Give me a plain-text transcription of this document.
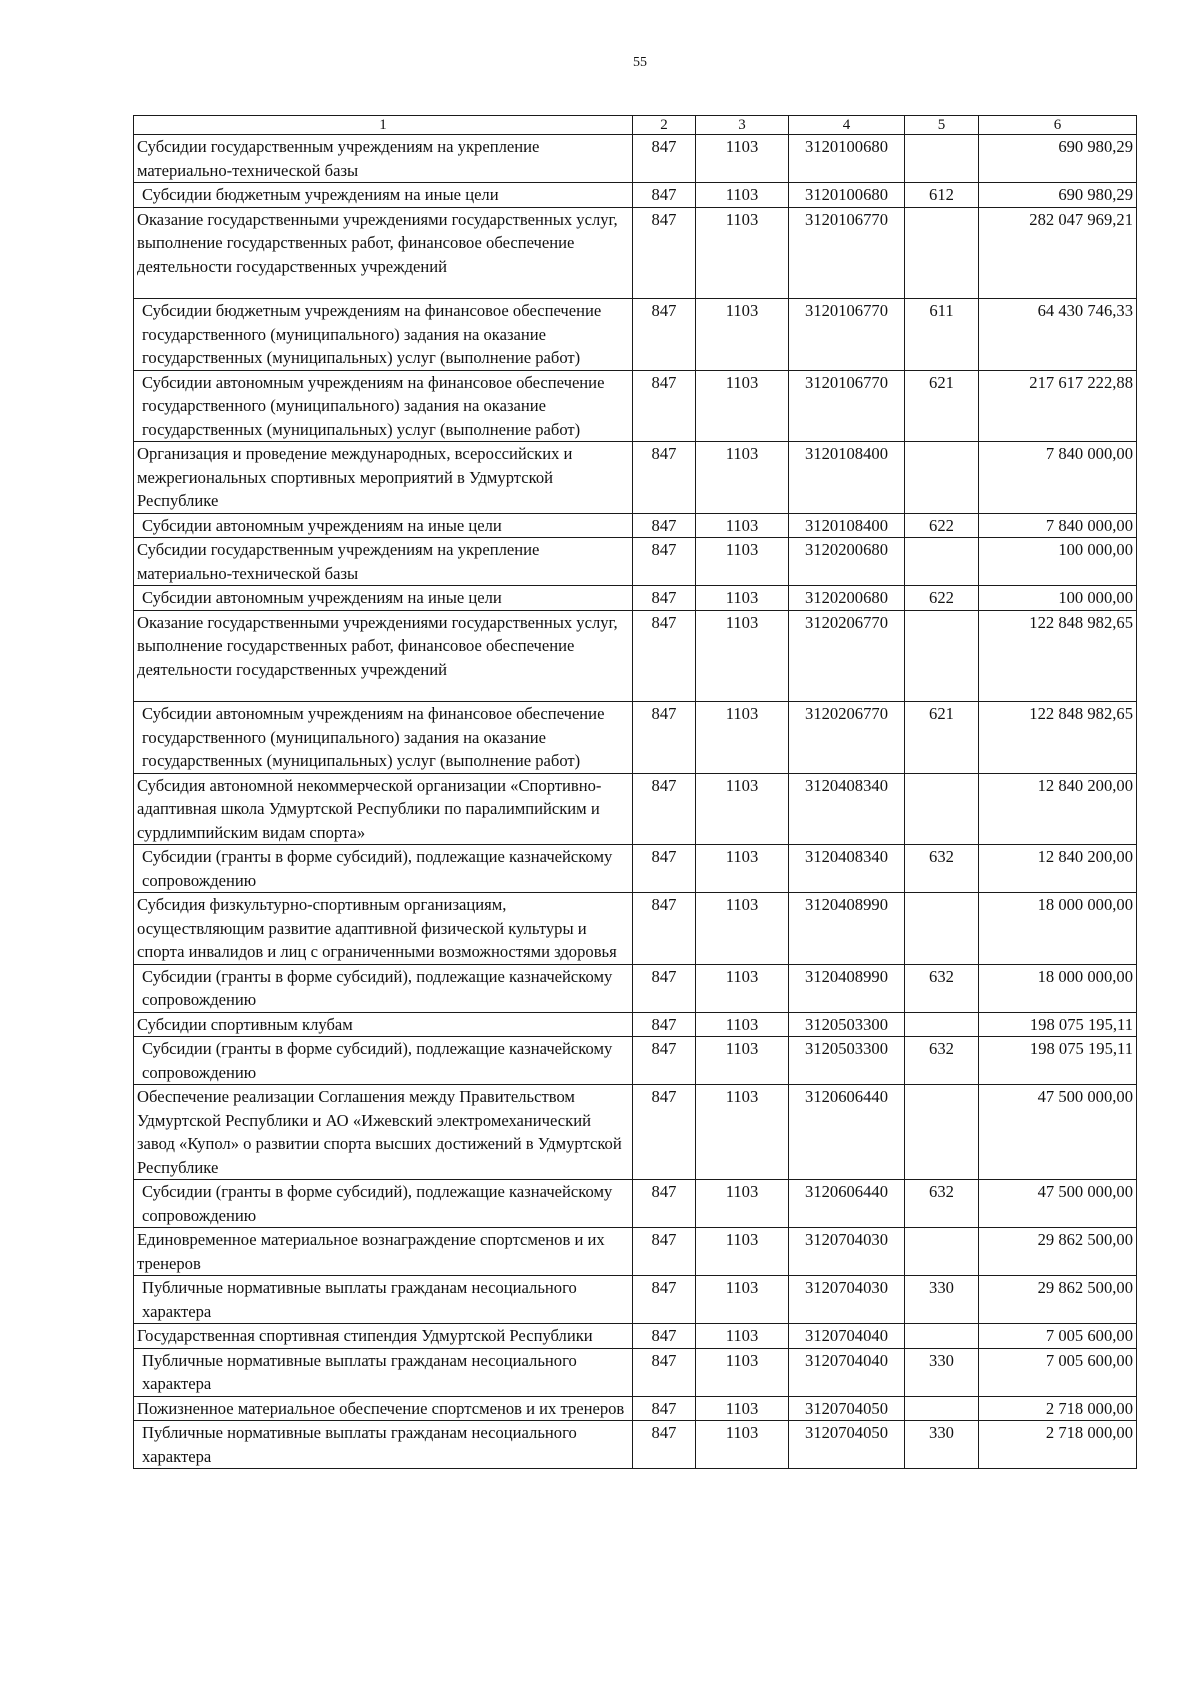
55
1	2	3	4	5	6
Субсидии государственным учреждениям на укрепление материально-технической базы	847	1103	3120100680		690 980,29
Субсидии бюджетным учреждениям на иные цели	847	1103	3120100680	612	690 980,29
Оказание государственными учреждениями государственных услуг, выполнение государственных работ, финансовое обеспечение деятельности государственных учреждений	847	1103	3120106770		282 047 969,21
Субсидии бюджетным учреждениям на финансовое обеспечение государственного (муниципального) задания на оказание государственных (муниципальных) услуг (выполнение работ)	847	1103	3120106770	611	64 430 746,33
Субсидии автономным учреждениям на финансовое обеспечение государственного (муниципального) задания на оказание государственных (муниципальных) услуг (выполнение работ)	847	1103	3120106770	621	217 617 222,88
Организация и проведение международных, всероссийских и межрегиональных спортивных мероприятий в Удмуртской Республике	847	1103	3120108400		7 840 000,00
Субсидии автономным учреждениям на иные цели	847	1103	3120108400	622	7 840 000,00
Субсидии государственным учреждениям на укрепление материально-технической базы	847	1103	3120200680		100 000,00
Субсидии автономным учреждениям на иные цели	847	1103	3120200680	622	100 000,00
Оказание государственными учреждениями государственных услуг, выполнение государственных работ, финансовое обеспечение деятельности государственных учреждений	847	1103	3120206770		122 848 982,65
Субсидии автономным учреждениям на финансовое обеспечение государственного (муниципального) задания на оказание государственных (муниципальных) услуг (выполнение работ)	847	1103	3120206770	621	122 848 982,65
Субсидия автономной некоммерческой организации «Спортивно-адаптивная школа Удмуртской Республики по паралимпийским и сурдлимпийским видам спорта»	847	1103	3120408340		12 840 200,00
Субсидии (гранты в форме субсидий), подлежащие казначейскому сопровождению	847	1103	3120408340	632	12 840 200,00
Субсидия физкультурно-спортивным организациям, осуществляющим развитие адаптивной физической культуры и спорта инвалидов и лиц с ограниченными возможностями здоровья	847	1103	3120408990		18 000 000,00
Субсидии (гранты в форме субсидий), подлежащие казначейскому сопровождению	847	1103	3120408990	632	18 000 000,00
Субсидии спортивным клубам	847	1103	3120503300		198 075 195,11
Субсидии (гранты в форме субсидий), подлежащие казначейскому сопровождению	847	1103	3120503300	632	198 075 195,11
Обеспечение реализации Соглашения между Правительством Удмуртской Республики и АО «Ижевский электромеханический завод «Купол» о развитии спорта высших достижений в Удмуртской Республике	847	1103	3120606440		47 500 000,00
Субсидии (гранты в форме субсидий), подлежащие казначейскому сопровождению	847	1103	3120606440	632	47 500 000,00
Единовременное материальное вознаграждение спортсменов и их тренеров	847	1103	3120704030		29 862 500,00
Публичные нормативные выплаты гражданам несоциального характера	847	1103	3120704030	330	29 862 500,00
Государственная спортивная стипендия Удмуртской Республики	847	1103	3120704040		7 005 600,00
Публичные нормативные выплаты гражданам несоциального характера	847	1103	3120704040	330	7 005 600,00
Пожизненное материальное обеспечение спортсменов и их тренеров	847	1103	3120704050		2 718 000,00
Публичные нормативные выплаты гражданам несоциального характера	847	1103	3120704050	330	2 718 000,00
